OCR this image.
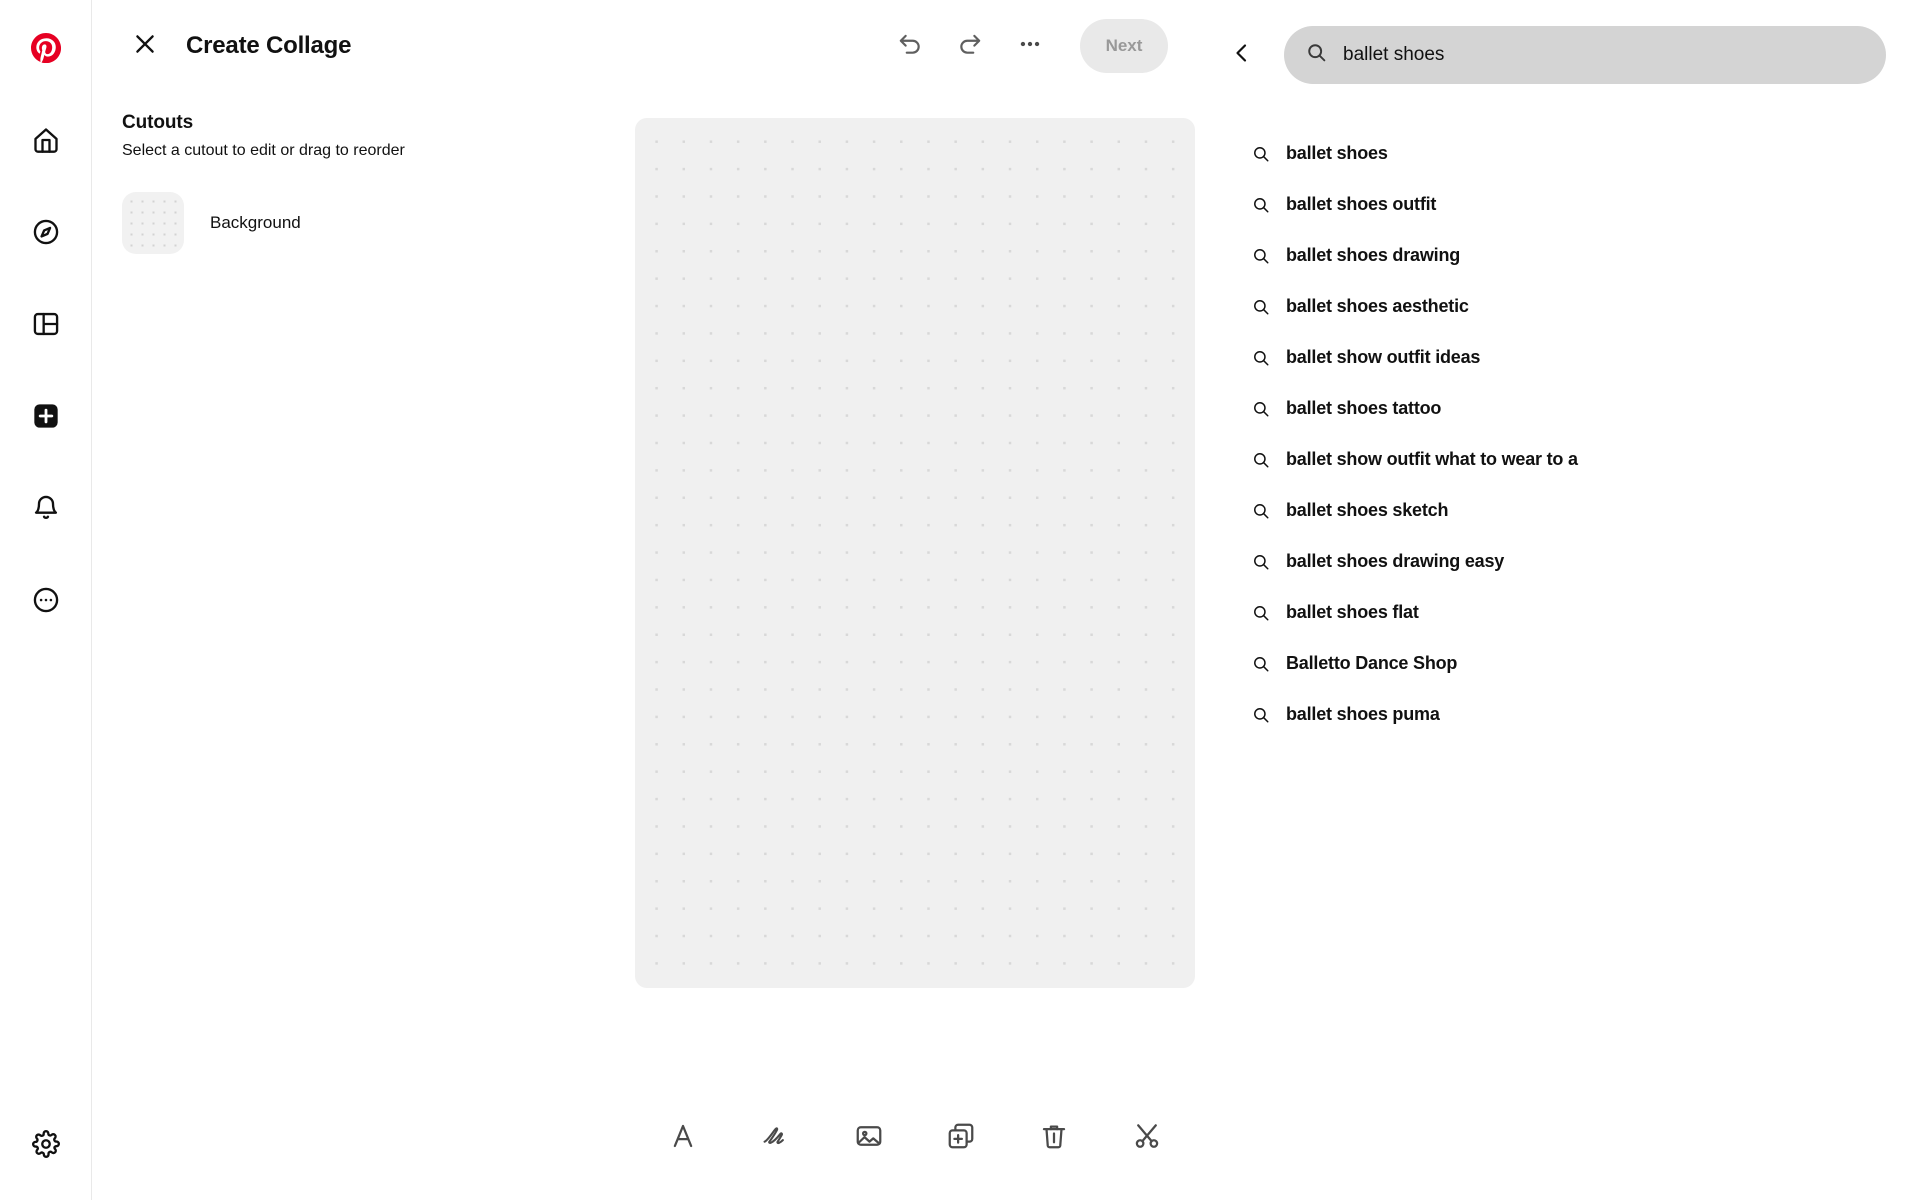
Create Collage	Next
Cutouts

Select a cutout to edit or drag to reorder

Background
ballet shoes
ballet shoes
ballet shoes outfit
ballet shoes drawing
ballet shoes aesthetic
ballet show outfit ideas
ballet shoes tattoo
ballet show outfit what to wear to a
ballet shoes sketch
ballet shoes drawing easy
ballet shoes flat
Balletto Dance Shop
ballet shoes puma
